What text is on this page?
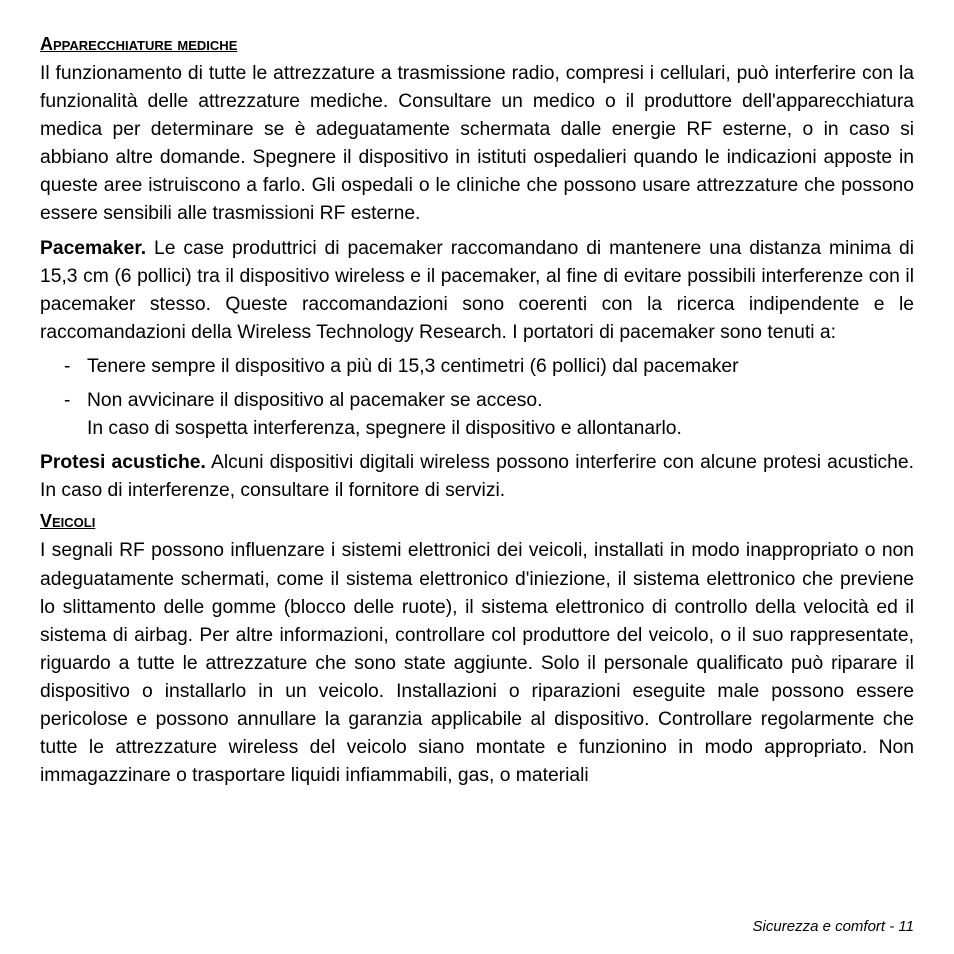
Apparecchiature mediche
Il funzionamento di tutte le attrezzature a trasmissione radio, compresi i cellulari, può interferire con la funzionalità delle attrezzature mediche. Consultare un medico o il produttore dell'apparecchiatura medica per determinare se è adeguatamente schermata dalle energie RF esterne, o in caso si abbiano altre domande. Spegnere il dispositivo in istituti ospedalieri quando le indicazioni apposte in queste aree istruiscono a farlo. Gli ospedali o le cliniche che possono usare attrezzature che possono essere sensibili alle trasmissioni RF esterne.
Pacemaker. Le case produttrici di pacemaker raccomandano di mantenere una distanza minima di 15,3 cm (6 pollici) tra il dispositivo wireless e il pacemaker, al fine di evitare possibili interferenze con il pacemaker stesso. Queste raccomandazioni sono coerenti con la ricerca indipendente e le raccomandazioni della Wireless Technology Research. I portatori di pacemaker sono tenuti a:
- Tenere sempre il dispositivo a più di 15,3 centimetri (6 pollici) dal pacemaker
- Non avvicinare il dispositivo al pacemaker se acceso.
In caso di sospetta interferenza, spegnere il dispositivo e allontanarlo.
Protesi acustiche. Alcuni dispositivi digitali wireless possono interferire con alcune protesi acustiche. In caso di interferenze, consultare il fornitore di servizi.
Veicoli
I segnali RF possono influenzare i sistemi elettronici dei veicoli, installati in modo inappropriato o non adeguatamente schermati, come il sistema elettronico d'iniezione, il sistema elettronico che previene lo slittamento delle gomme (blocco delle ruote), il sistema elettronico di controllo della velocità ed il sistema di airbag. Per altre informazioni, controllare col produttore del veicolo, o il suo rappresentate, riguardo a tutte le attrezzature che sono state aggiunte. Solo il personale qualificato può riparare il dispositivo o installarlo in un veicolo. Installazioni o riparazioni eseguite male possono essere pericolose e possono annullare la garanzia applicabile al dispositivo. Controllare regolarmente che tutte le attrezzature wireless del veicolo siano montate e funzionino in modo appropriato. Non immagazzinare o trasportare liquidi infiammabili, gas, o materiali
Sicurezza e comfort - 11
